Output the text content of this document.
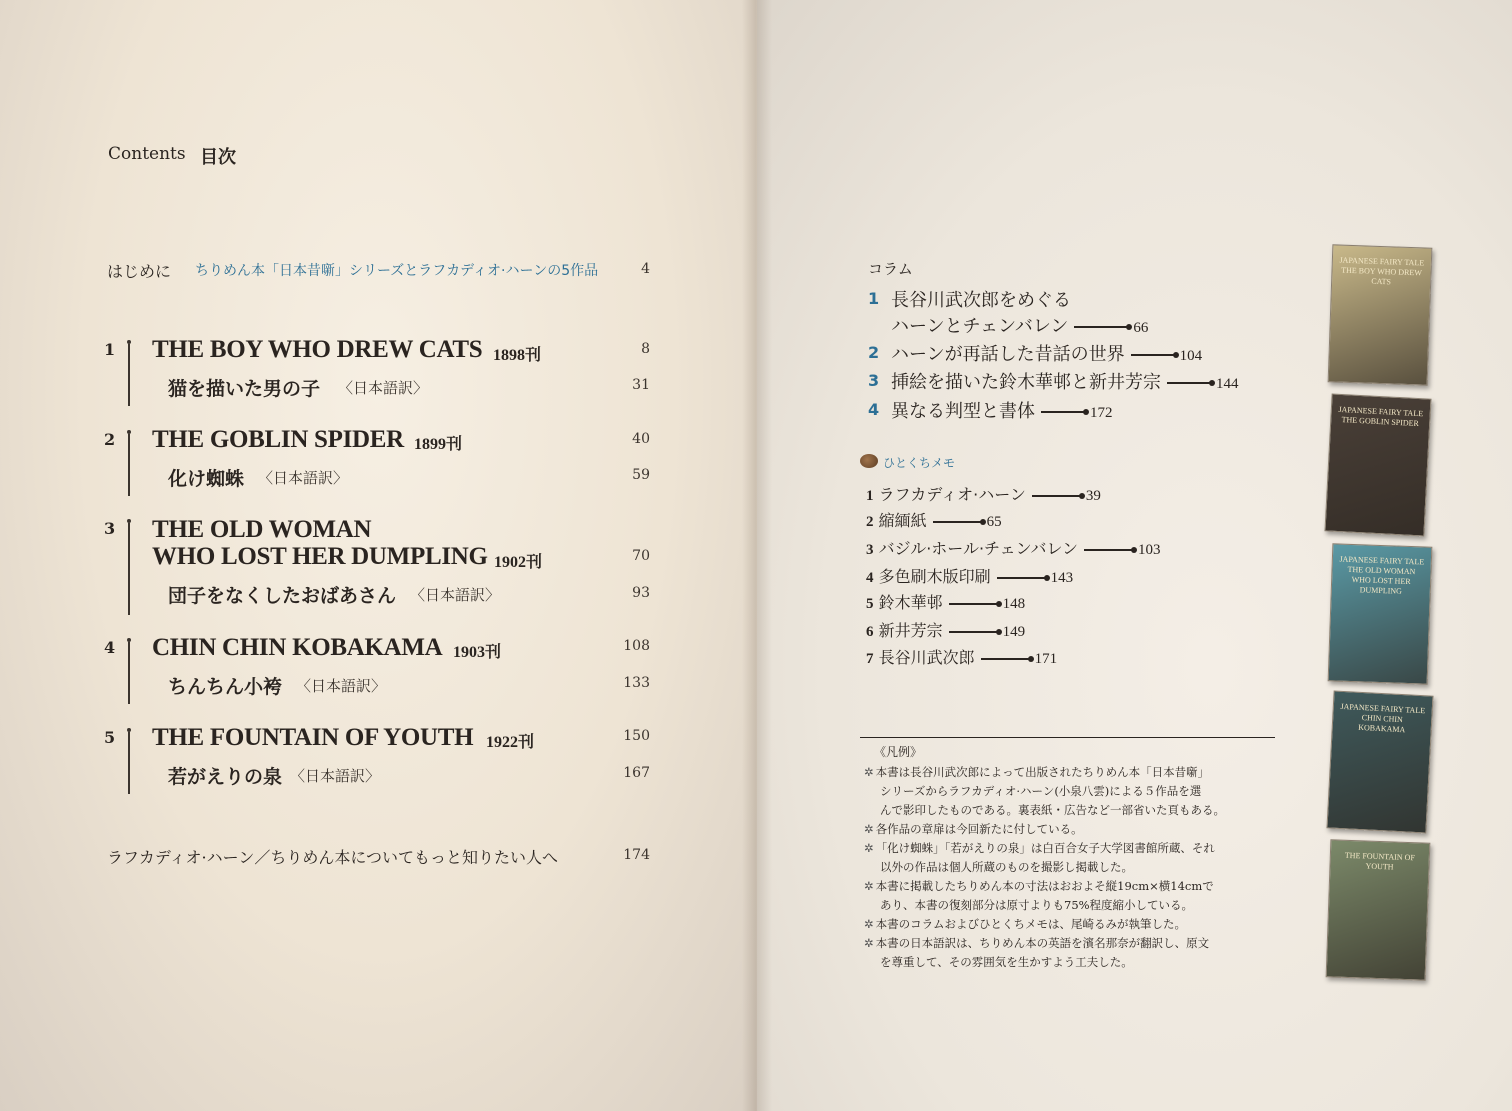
Contents 目次
はじめに ちりめん本「日本昔噺」シリーズとラフカディオ·ハーンの5作品	4
1 THE BOY WHO DREW CATS 1898刊	8
猫を描いた男の子 〈日本語訳〉	31
2 THE GOBLIN SPIDER 1899刊	40
化け蜘蛛 〈日本語訳〉	59
3 THE OLD WOMAN
WHO LOST HER DUMPLING 1902刊	70
団子をなくしたおばあさん 〈日本語訳〉	93
4 CHIN CHIN KOBAKAMA 1903刊	108
ちんちん小袴 〈日本語訳〉	133
5 THE FOUNTAIN OF YOUTH 1922刊	150
若がえりの泉 〈日本語訳〉	167
ラフカディオ·ハーン／ちりめん本についてもっと知りたい人へ	174
コラム
1 長谷川武次郎をめぐる
ハーンとチェンバレン	66
2 ハーンが再話した昔話の世界	104
3 挿絵を描いた鈴木華邨と新井芳宗	144
4 異なる判型と書体	172
ひとくちメモ
1 ラフカディオ·ハーン	39
2 縮緬紙	65
3 バジル·ホール·チェンバレン	103
4 多色刷木版印刷	143
5 鈴木華邨	148
6 新井芳宗	149
7 長谷川武次郎	171
《凡例》
✲ 本書は長谷川武次郎によって出版されたちりめん本「日本昔噺」
シリーズからラフカディオ·ハーン(小泉八雲)による５作品を選
んで影印したものである。裏表紙・広告など一部省いた頁もある。
✲ 各作品の章扉は今回新たに付している。
✲ 「化け蜘蛛」「若がえりの泉」は白百合女子大学図書館所蔵、それ
以外の作品は個人所蔵のものを撮影し掲載した。
✲ 本書に掲載したちりめん本の寸法はおおよそ縦19cm×横14cmで
あり、本書の復刻部分は原寸よりも75%程度縮小している。
✲ 本書のコラムおよびひとくちメモは、尾崎るみが執筆した。
✲ 本書の日本語訳は、ちりめん本の英語を濱名那奈が翻訳し、原文
を尊重して、その雰囲気を生かすよう工夫した。
JAPANESE FAIRY TALE THE BOY WHO DREW CATS
JAPANESE FAIRY TALE THE GOBLIN SPIDER
JAPANESE FAIRY TALE THE OLD WOMAN WHO LOST HER DUMPLING
JAPANESE FAIRY TALE CHIN CHIN KOBAKAMA
THE FOUNTAIN OF YOUTH
